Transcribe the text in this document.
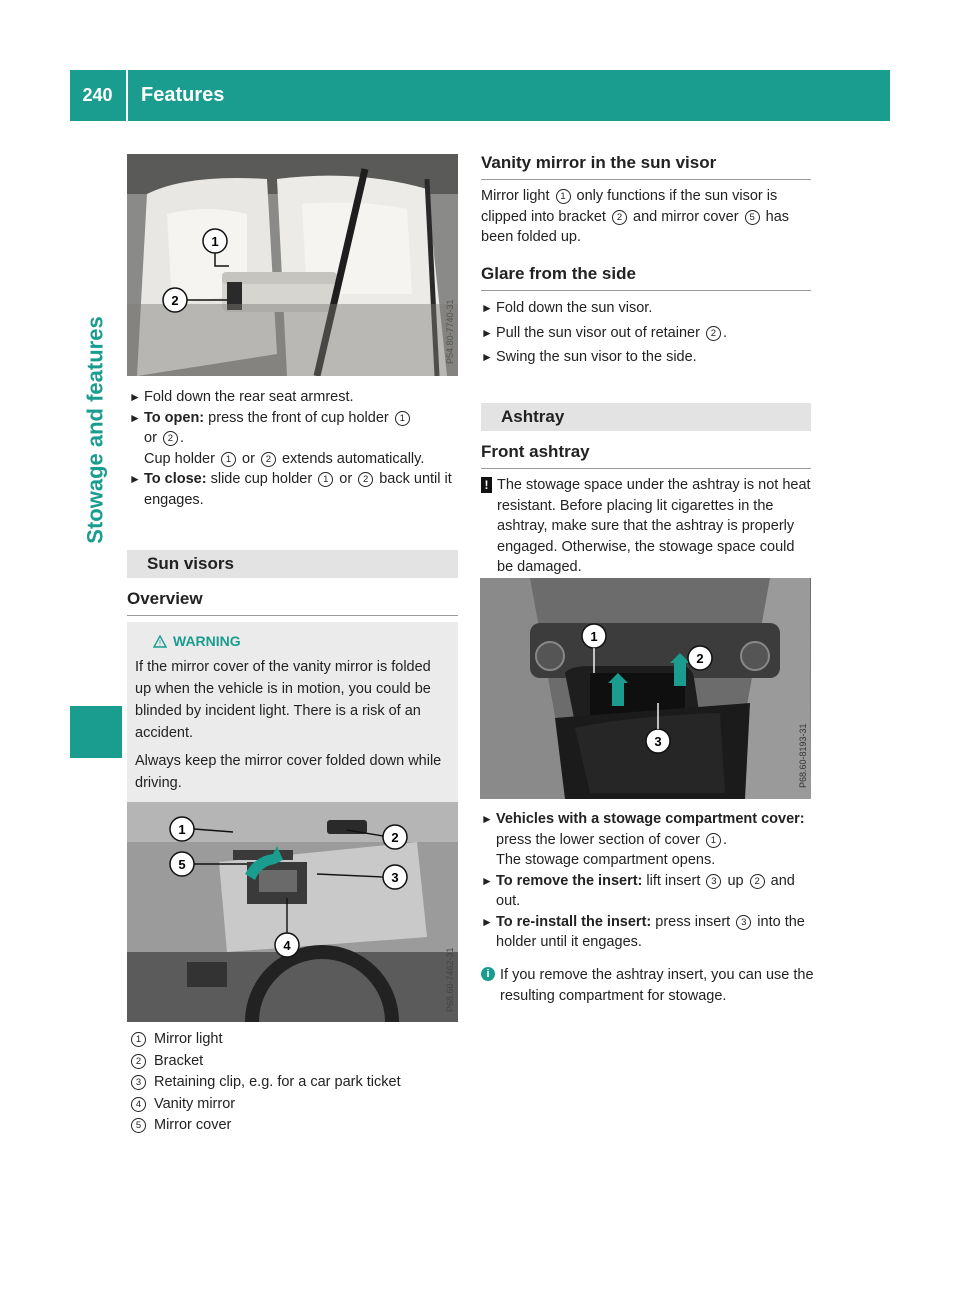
240	Features
Stowage and features
1
2	P54.80-7740-31
► Fold down the rear seat armrest.
► To open: press the front of cup holder 1
or 2 .
Cup holder 1 or 2 extends automatically.
► To close: slide cup holder 1 or 2 back until it engages.
Sun visors
Overview
! WARNING
If the mirror cover of the vanity mirror is folded up when the vehicle is in motion, you could be blinded by incident light. There is a risk of an accident.
Always keep the mirror cover folded down while driving.
1
2
3
4
5
P68.60-7462-31
1 Mirror light
2 Bracket
3 Retaining clip, e.g. for a car park ticket
4 Vanity mirror
5 Mirror cover
Vanity mirror in the sun visor
Mirror light 1 only functions if the sun visor is clipped into bracket 2 and mirror cover 5 has been folded up.
Glare from the side
► Fold down the sun visor.
► Pull the sun visor out of retainer 2 .
► Swing the sun visor to the side.
Ashtray
Front ashtray
! The stowage space under the ashtray is not heat resistant. Before placing lit cigarettes in the ashtray, make sure that the ashtray is properly engaged. Otherwise, the stowage space could be damaged.
1
2
3	P68.60-8193-31
► Vehicles with a stowage compartment cover: press the lower section of cover 1 .
The stowage compartment opens.
► To remove the insert: lift insert 3 up 2 and out.
► To re-install the insert: press insert 3 into the holder until it engages.
i If you remove the ashtray insert, you can use the resulting compartment for stowage.
